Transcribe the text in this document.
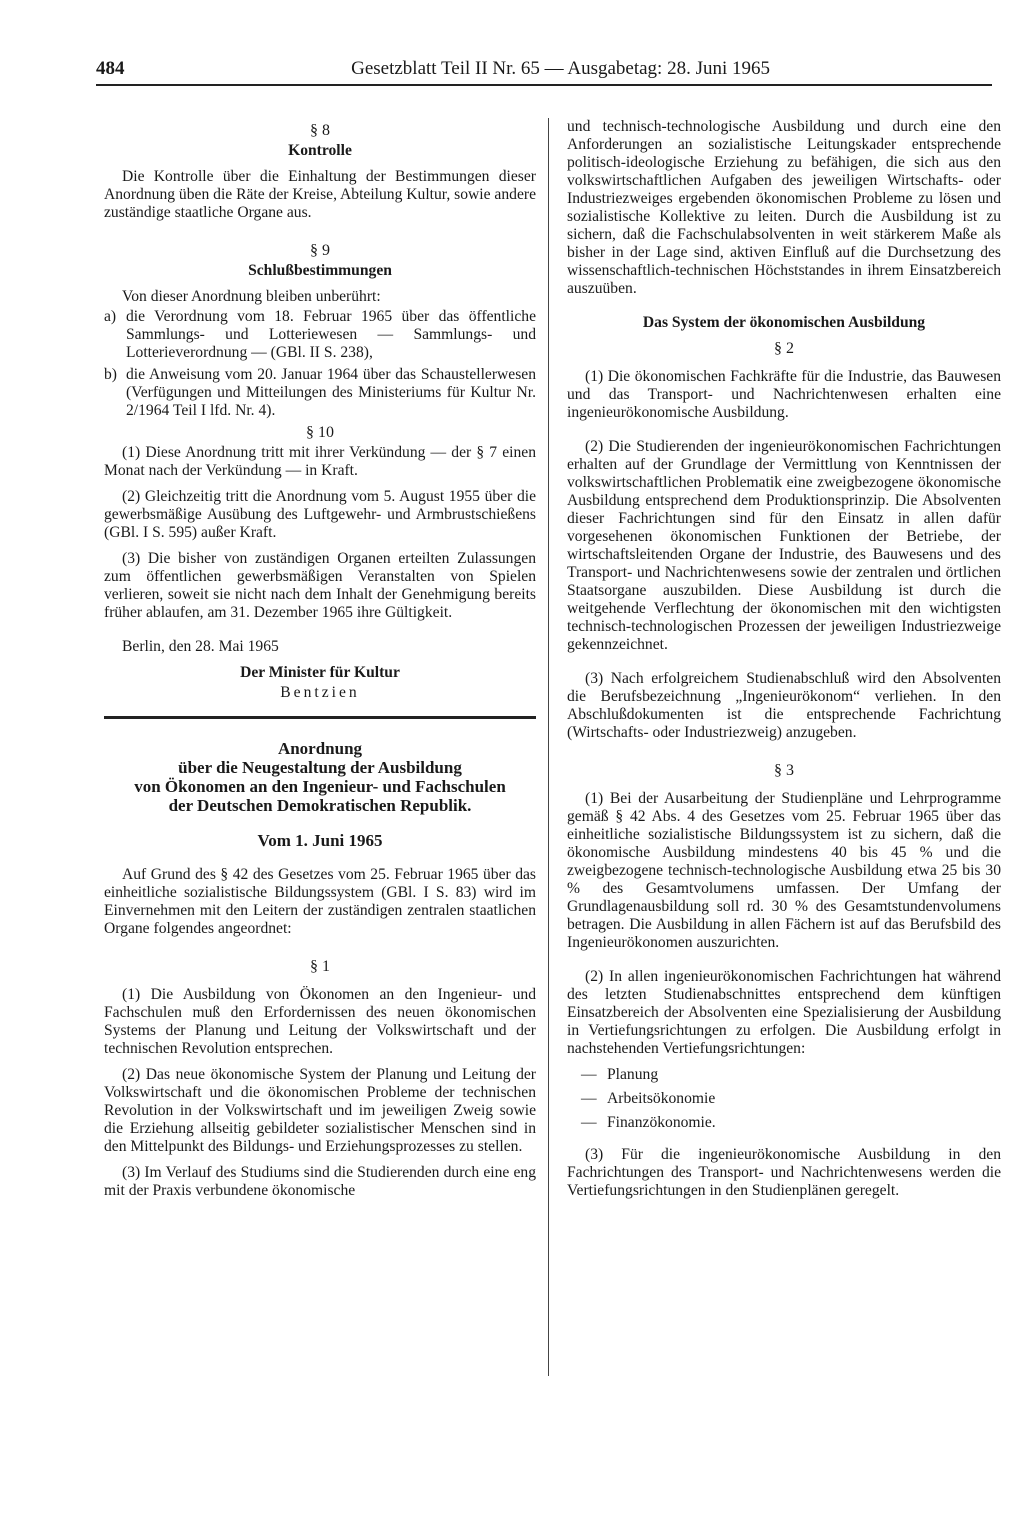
484	Gesetzblatt Teil II Nr. 65 — Ausgabetag: 28. Juni 1965

§ 8

Kontrolle

Die Kontrolle über die Einhaltung der Bestimmungen dieser Anordnung üben die Räte der Kreise, Abteilung Kultur, sowie andere zuständige staatliche Organe aus.

§ 9

Schlußbestimmungen

Von dieser Anordnung bleiben unberührt:

a) die Verordnung vom 18. Februar 1965 über das öffentliche Sammlungs- und Lotteriewesen — Sammlungs- und Lotterieverordnung — (GBl. II S. 238),
b) die Anweisung vom 20. Januar 1964 über das Schaustellerwesen (Verfügungen und Mitteilungen des Ministeriums für Kultur Nr. 2/1964 Teil I lfd. Nr. 4).

§ 10

(1) Diese Anordnung tritt mit ihrer Verkündung — der § 7 einen Monat nach der Verkündung — in Kraft.

(2) Gleichzeitig tritt die Anordnung vom 5. August 1955 über die gewerbsmäßige Ausübung des Luftgewehr- und Armbrustschießens (GBl. I S. 595) außer Kraft.

(3) Die bisher von zuständigen Organen erteilten Zulassungen zum öffentlichen gewerbsmäßigen Veranstalten von Spielen verlieren, soweit sie nicht nach dem Inhalt der Genehmigung bereits früher ablaufen, am 31. Dezember 1965 ihre Gültigkeit.

Berlin, den 28. Mai 1965

Der Minister für Kultur

Bentzien

Anordnung

über die Neugestaltung der Ausbildung

von Ökonomen an den Ingenieur- und Fachschulen

der Deutschen Demokratischen Republik.

Vom 1. Juni 1965

Auf Grund des § 42 des Gesetzes vom 25. Februar 1965 über das einheitliche sozialistische Bildungssystem (GBl. I S. 83) wird im Einvernehmen mit den Leitern der zuständigen zentralen staatlichen Organe folgendes angeordnet:

§ 1

(1) Die Ausbildung von Ökonomen an den Ingenieur- und Fachschulen muß den Erfordernissen des neuen ökonomischen Systems der Planung und Leitung der Volkswirtschaft und der technischen Revolution entsprechen.

(2) Das neue ökonomische System der Planung und Leitung der Volkswirtschaft und die ökonomischen Probleme der technischen Revolution in der Volkswirtschaft und im jeweiligen Zweig sowie die Erziehung allseitig gebildeter sozialistischer Menschen sind in den Mittelpunkt des Bildungs- und Erziehungsprozesses zu stellen.

(3) Im Verlauf des Studiums sind die Studierenden durch eine eng mit der Praxis verbundene ökonomische

und technisch-technologische Ausbildung und durch eine den Anforderungen an sozialistische Leitungskader entsprechende politisch-ideologische Erziehung zu befähigen, die sich aus den volkswirtschaftlichen Aufgaben des jeweiligen Wirtschafts- oder Industriezweiges ergebenden ökonomischen Probleme zu lösen und sozialistische Kollektive zu leiten. Durch die Ausbildung ist zu sichern, daß die Fachschulabsolventen in weit stärkerem Maße als bisher in der Lage sind, aktiven Einfluß auf die Durchsetzung des wissenschaftlich-technischen Höchststandes in ihrem Einsatzbereich auszuüben.

Das System der ökonomischen Ausbildung

§ 2

(1) Die ökonomischen Fachkräfte für die Industrie, das Bauwesen und das Transport- und Nachrichtenwesen erhalten eine ingenieurökonomische Ausbildung.

(2) Die Studierenden der ingenieurökonomischen Fachrichtungen erhalten auf der Grundlage der Vermittlung von Kenntnissen der volkswirtschaftlichen Problematik eine zweigbezogene ökonomische Ausbildung entsprechend dem Produktionsprinzip. Die Absolventen dieser Fachrichtungen sind für den Einsatz in allen dafür vorgesehenen ökonomischen Funktionen der Betriebe, der wirtschaftsleitenden Organe der Industrie, des Bauwesens und des Transport- und Nachrichtenwesens sowie der zentralen und örtlichen Staatsorgane auszubilden. Diese Ausbildung ist durch die weitgehende Verflechtung der ökonomischen mit den wichtigsten technisch-technologischen Prozessen der jeweiligen Industriezweige gekennzeichnet.

(3) Nach erfolgreichem Studienabschluß wird den Absolventen die Berufsbezeichnung „Ingenieurökonom“ verliehen. In den Abschlußdokumenten ist die entsprechende Fachrichtung (Wirtschafts- oder Industriezweig) anzugeben.

§ 3

(1) Bei der Ausarbeitung der Studienpläne und Lehrprogramme gemäß § 42 Abs. 4 des Gesetzes vom 25. Februar 1965 über das einheitliche sozialistische Bildungssystem ist zu sichern, daß die ökonomische Ausbildung mindestens 40 bis 45 % und die zweigbezogene technisch-technologische Ausbildung etwa 25 bis 30 % des Gesamtvolumens umfassen. Der Umfang der Grundlagenausbildung soll rd. 30 % des Gesamtstundenvolumens betragen. Die Ausbildung in allen Fächern ist auf das Berufsbild des Ingenieurökonomen auszurichten.

(2) In allen ingenieurökonomischen Fachrichtungen hat während des letzten Studienabschnittes entsprechend dem künftigen Einsatzbereich der Absolventen eine Spezialisierung der Ausbildung in Vertiefungsrichtungen zu erfolgen. Die Ausbildung erfolgt in nachstehenden Vertiefungsrichtungen:

— Planung
— Arbeitsökonomie
— Finanzökonomie.

(3) Für die ingenieurökonomische Ausbildung in den Fachrichtungen des Transport- und Nachrichtenwesens werden die Vertiefungsrichtungen in den Studienplänen geregelt.
